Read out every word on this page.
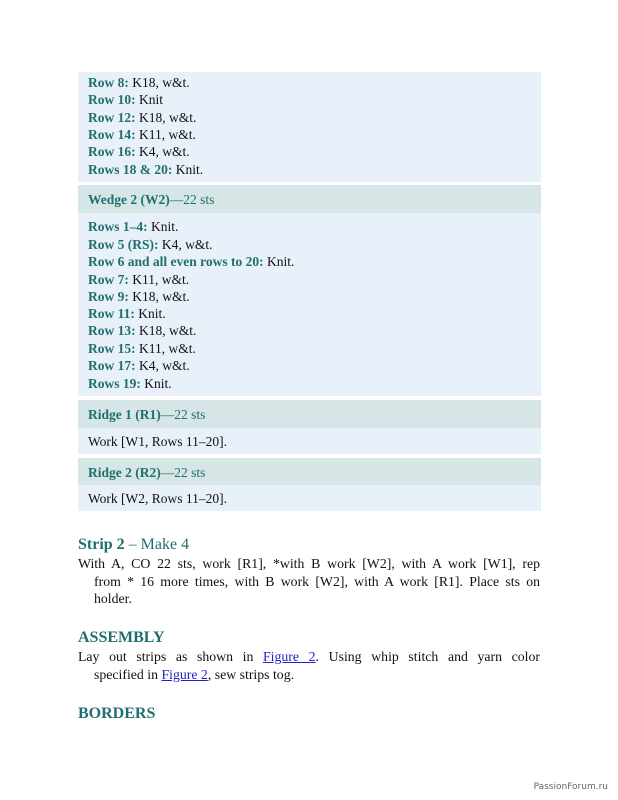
Row 8: K18, w&t.
Row 10: Knit
Row 12: K18, w&t.
Row 14: K11, w&t.
Row 16: K4, w&t.
Rows 18 & 20: Knit.
Wedge 2 (W2)—22 sts
Rows 1–4: Knit.
Row 5 (RS): K4, w&t.
Row 6 and all even rows to 20: Knit.
Row 7: K11, w&t.
Row 9: K18, w&t.
Row 11: Knit.
Row 13: K18, w&t.
Row 15: K11, w&t.
Row 17: K4, w&t.
Rows 19: Knit.
Ridge 1 (R1)—22 sts
Work [W1, Rows 11–20].
Ridge 2 (R2)—22 sts
Work [W2, Rows 11–20].
Strip 2 – Make 4
With A, CO 22 sts, work [R1], *with B work [W2], with A work [W1], rep
from * 16 more times, with B work [W2], with A work [R1]. Place sts on
holder.
ASSEMBLY
Lay out strips as shown in Figure 2. Using whip stitch and yarn color
specified in Figure 2, sew strips tog.
BORDERS
PassionForum.ru
